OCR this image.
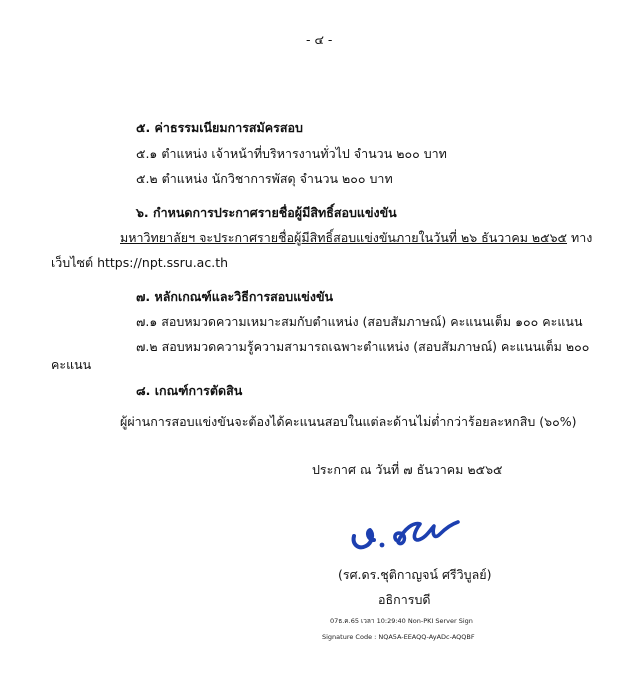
- ๔ -
๕. ค่าธรรมเนียมการสมัครสอบ
๕.๑ ตำแหน่ง เจ้าหน้าที่บริหารงานทั่วไป จำนวน ๒๐๐ บาท
๕.๒ ตำแหน่ง นักวิชาการพัสดุ จำนวน ๒๐๐ บาท
๖. กำหนดการประกาศรายชื่อผู้มีสิทธิ์สอบแข่งขัน
มหาวิทยาลัยฯ จะประกาศรายชื่อผู้มีสิทธิ์สอบแข่งขันภายในวันที่ ๒๖ ธันวาคม ๒๕๖๕ ทาง
เว็บไซต์ https://npt.ssru.ac.th
๗. หลักเกณฑ์และวิธีการสอบแข่งขัน
๗.๑ สอบหมวดความเหมาะสมกับตำแหน่ง (สอบสัมภาษณ์) คะแนนเต็ม ๑๐๐ คะแนน
๗.๒ สอบหมวดความรู้ความสามารถเฉพาะตำแหน่ง (สอบสัมภาษณ์) คะแนนเต็ม ๒๐๐
คะแนน
๘. เกณฑ์การตัดสิน
ผู้ผ่านการสอบแข่งขันจะต้องได้คะแนนสอบในแต่ละด้านไม่ต่ำกว่าร้อยละหกสิบ (๖๐%)
ประกาศ ณ วันที่ ๗ ธันวาคม ๒๕๖๕
(รศ.ดร.ชุติกาญจน์ ศรีวิบูลย์)
อธิการบดี
07ธ.ค.65 เวลา 10:29:40 Non-PKI Server Sign
Signature Code : NQA5A-EEAQQ-AyADc-AQQBF
